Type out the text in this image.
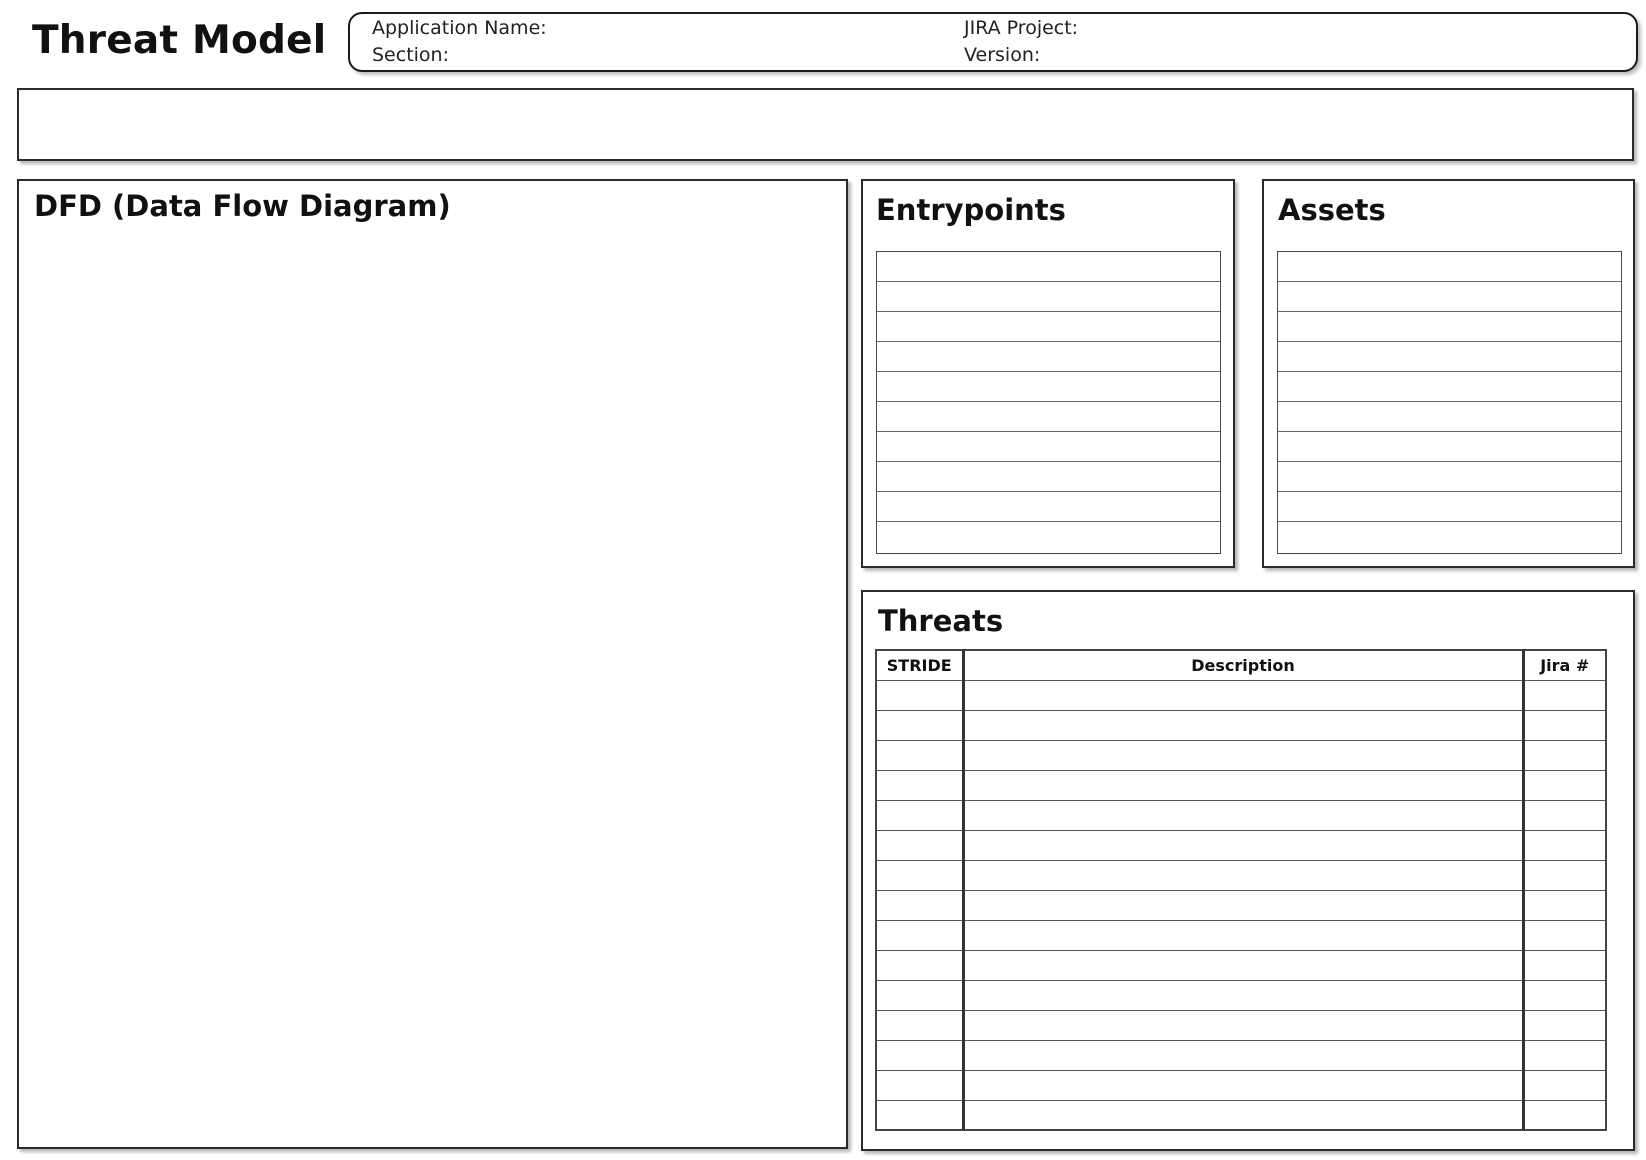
Threat Model Application Name:
Section:
JIRA Project:
Version:
DFD (Data Flow Diagram)	Entrypoints	Assets
Threats
STRIDE	Description	Jira #
